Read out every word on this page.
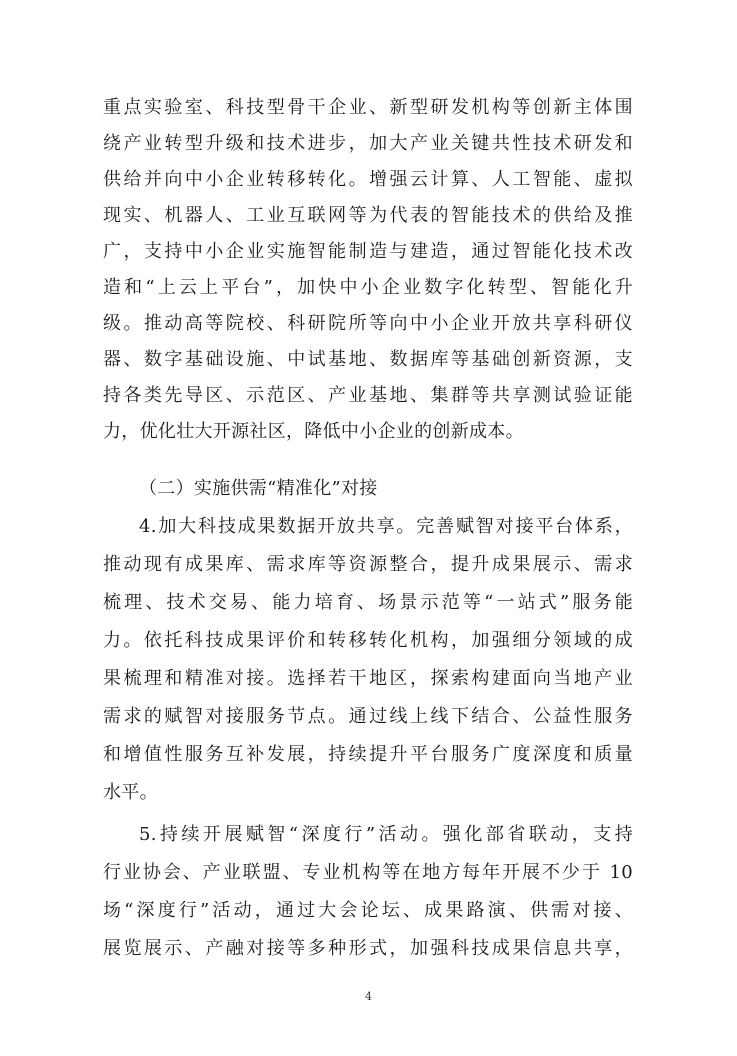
重点实验室、科技型骨干企业、新型研发机构等创新主体围
绕产业转型升级和技术进步，加大产业关键共性技术研发和
供给并向中小企业转移转化。增强云计算、人工智能、虚拟
现实、机器人、工业互联网等为代表的智能技术的供给及推
广，支持中小企业实施智能制造与建造，通过智能化技术改
造和“上云上平台”，加快中小企业数字化转型、智能化升
级。推动高等院校、科研院所等向中小企业开放共享科研仪
器、数字基础设施、中试基地、数据库等基础创新资源，支
持各类先导区、示范区、产业基地、集群等共享测试验证能
力，优化壮大开源社区，降低中小企业的创新成本。
（二）实施供需“精准化”对接
4.加大科技成果数据开放共享。完善赋智对接平台体系，
推动现有成果库、需求库等资源整合，提升成果展示、需求
梳理、技术交易、能力培育、场景示范等“一站式”服务能
力。依托科技成果评价和转移转化机构，加强细分领域的成
果梳理和精准对接。选择若干地区，探索构建面向当地产业
需求的赋智对接服务节点。通过线上线下结合、公益性服务
和增值性服务互补发展，持续提升平台服务广度深度和质量
水平。
5.持续开展赋智“深度行”活动。强化部省联动，支持
行业协会、产业联盟、专业机构等在地方每年开展不少于 10
场“深度行”活动，通过大会论坛、成果路演、供需对接、
展览展示、产融对接等多种形式，加强科技成果信息共享，
4
